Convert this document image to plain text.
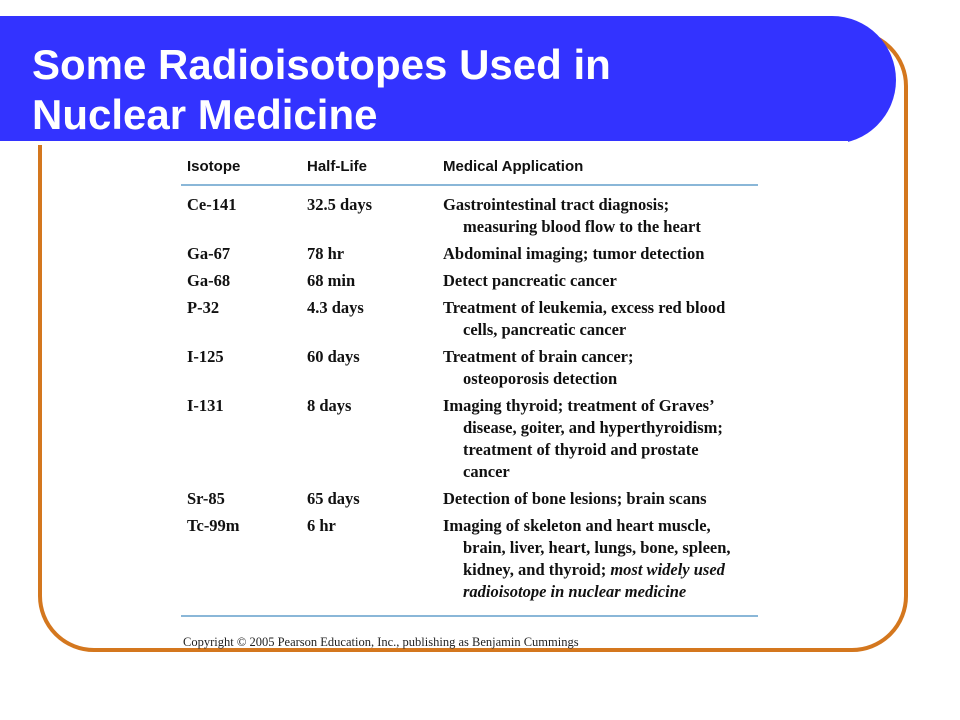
Some Radioisotopes Used in
Nuclear Medicine
Isotope	Half-Life	Medical Application
Ce-141	32.5 days	Gastrointestinal tract diagnosis;
measuring blood flow to the heart

Ga-67	78 hr	Abdominal imaging; tumor detection

Ga-68	68 min	Detect pancreatic cancer

P-32	4.3 days	Treatment of leukemia, excess red blood
cells, pancreatic cancer

I-125	60 days	Treatment of brain cancer;
osteoporosis detection

I-131	8 days	Imaging thyroid; treatment of Graves’
disease, goiter, and hyperthyroidism;
treatment of thyroid and prostate
cancer

Sr-85	65 days	Detection of bone lesions; brain scans

Tc-99m	6 hr	Imaging of skeleton and heart muscle,
brain, liver, heart, lungs, bone, spleen,
kidney, and thyroid; most widely used
radioisotope in nuclear medicine
Copyright © 2005 Pearson Education, Inc., publishing as Benjamin Cummings
